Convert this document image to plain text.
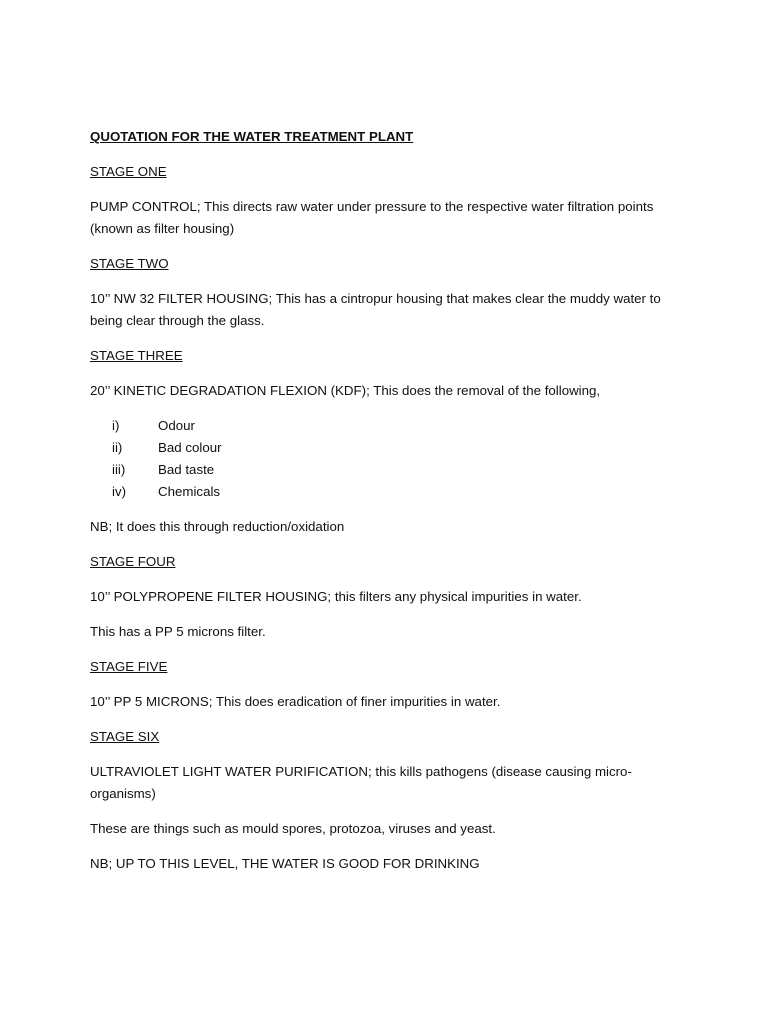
QUOTATION FOR THE WATER TREATMENT PLANT
STAGE ONE
PUMP CONTROL; This directs raw water under pressure to the respective water filtration points (known as filter housing)
STAGE TWO
10’’ NW 32 FILTER HOUSING; This has a cintropur housing that makes clear the muddy water to being clear through the glass.
STAGE THREE
20’’ KINETIC DEGRADATION FLEXION (KDF); This does the removal of the following,
i)	Odour
ii)	Bad colour
iii)	Bad taste
iv)	Chemicals
NB; It does this through reduction/oxidation
STAGE FOUR
10’’ POLYPROPENE FILTER HOUSING; this filters any physical impurities in water.
This has a PP 5 microns filter.
STAGE FIVE
10’’ PP 5 MICRONS; This does eradication of finer impurities in water.
STAGE SIX
ULTRAVIOLET LIGHT WATER PURIFICATION; this kills pathogens (disease causing micro-organisms)
These are things such as mould spores, protozoa, viruses and yeast.
NB; UP TO THIS LEVEL, THE WATER IS GOOD FOR DRINKING
